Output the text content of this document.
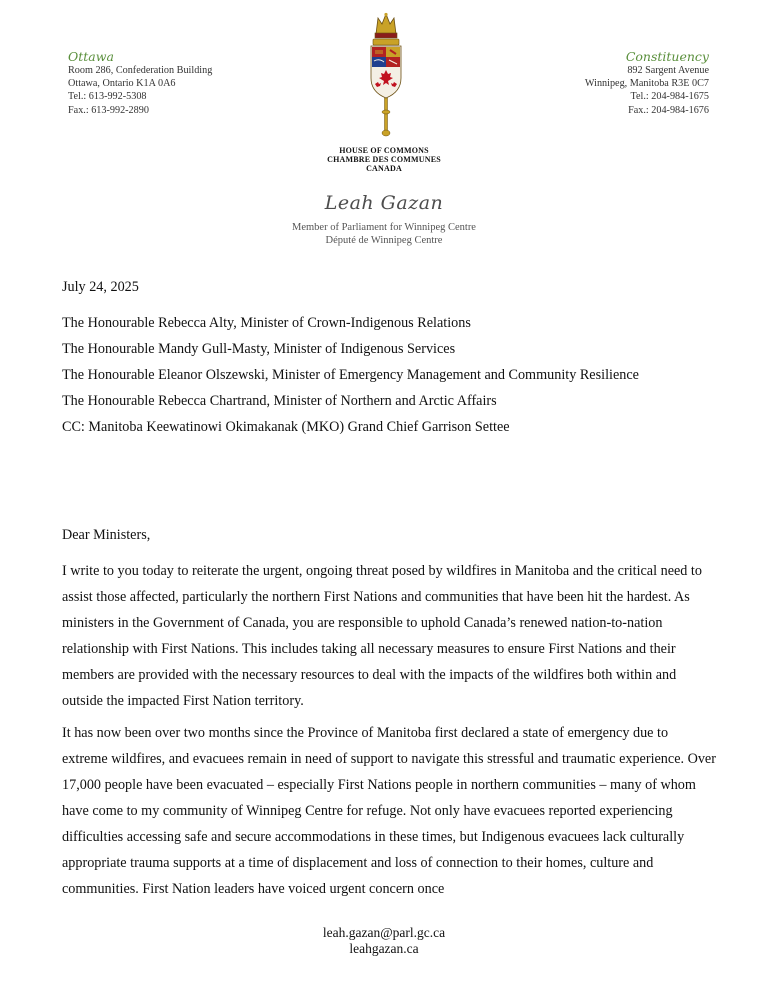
Ottawa
Room 286, Confederation Building
Ottawa, Ontario K1A 0A6
Tel.: 613-992-5308
Fax.: 613-992-2890
Constituency
892 Sargent Avenue
Winnipeg, Manitoba R3E 0C7
Tel.: 204-984-1675
Fax.: 204-984-1676
HOUSE OF COMMONS
CHAMBRE DES COMMUNES
CANADA
Leah Gazan
Member of Parliament for Winnipeg Centre
Député de Winnipeg Centre
July 24, 2025

The Honourable Rebecca Alty, Minister of Crown-Indigenous Relations

The Honourable Mandy Gull-Masty, Minister of Indigenous Services

The Honourable Eleanor Olszewski, Minister of Emergency Management and Community Resilience

The Honourable Rebecca Chartrand, Minister of Northern and Arctic Affairs

CC: Manitoba Keewatinowi Okimakanak (MKO) Grand Chief Garrison Settee

Dear Ministers,

I write to you today to reiterate the urgent, ongoing threat posed by wildfires in Manitoba and the critical need to assist those affected, particularly the northern First Nations and communities that have been hit the hardest. As ministers in the Government of Canada, you are responsible to uphold Canada’s renewed nation-to-nation relationship with First Nations. This includes taking all necessary measures to ensure First Nations and their members are provided with the necessary resources to deal with the impacts of the wildfires both within and outside the impacted First Nation territory.

It has now been over two months since the Province of Manitoba first declared a state of emergency due to extreme wildfires, and evacuees remain in need of support to navigate this stressful and traumatic experience. Over 17,000 people have been evacuated – especially First Nations people in northern communities – many of whom have come to my community of Winnipeg Centre for refuge. Not only have evacuees reported experiencing difficulties accessing safe and secure accommodations in these times, but Indigenous evacuees lack culturally appropriate trauma supports at a time of displacement and loss of connection to their homes, culture and communities. First Nation leaders have voiced urgent concern once

leah.gazan@parl.gc.ca
leahgazan.ca
